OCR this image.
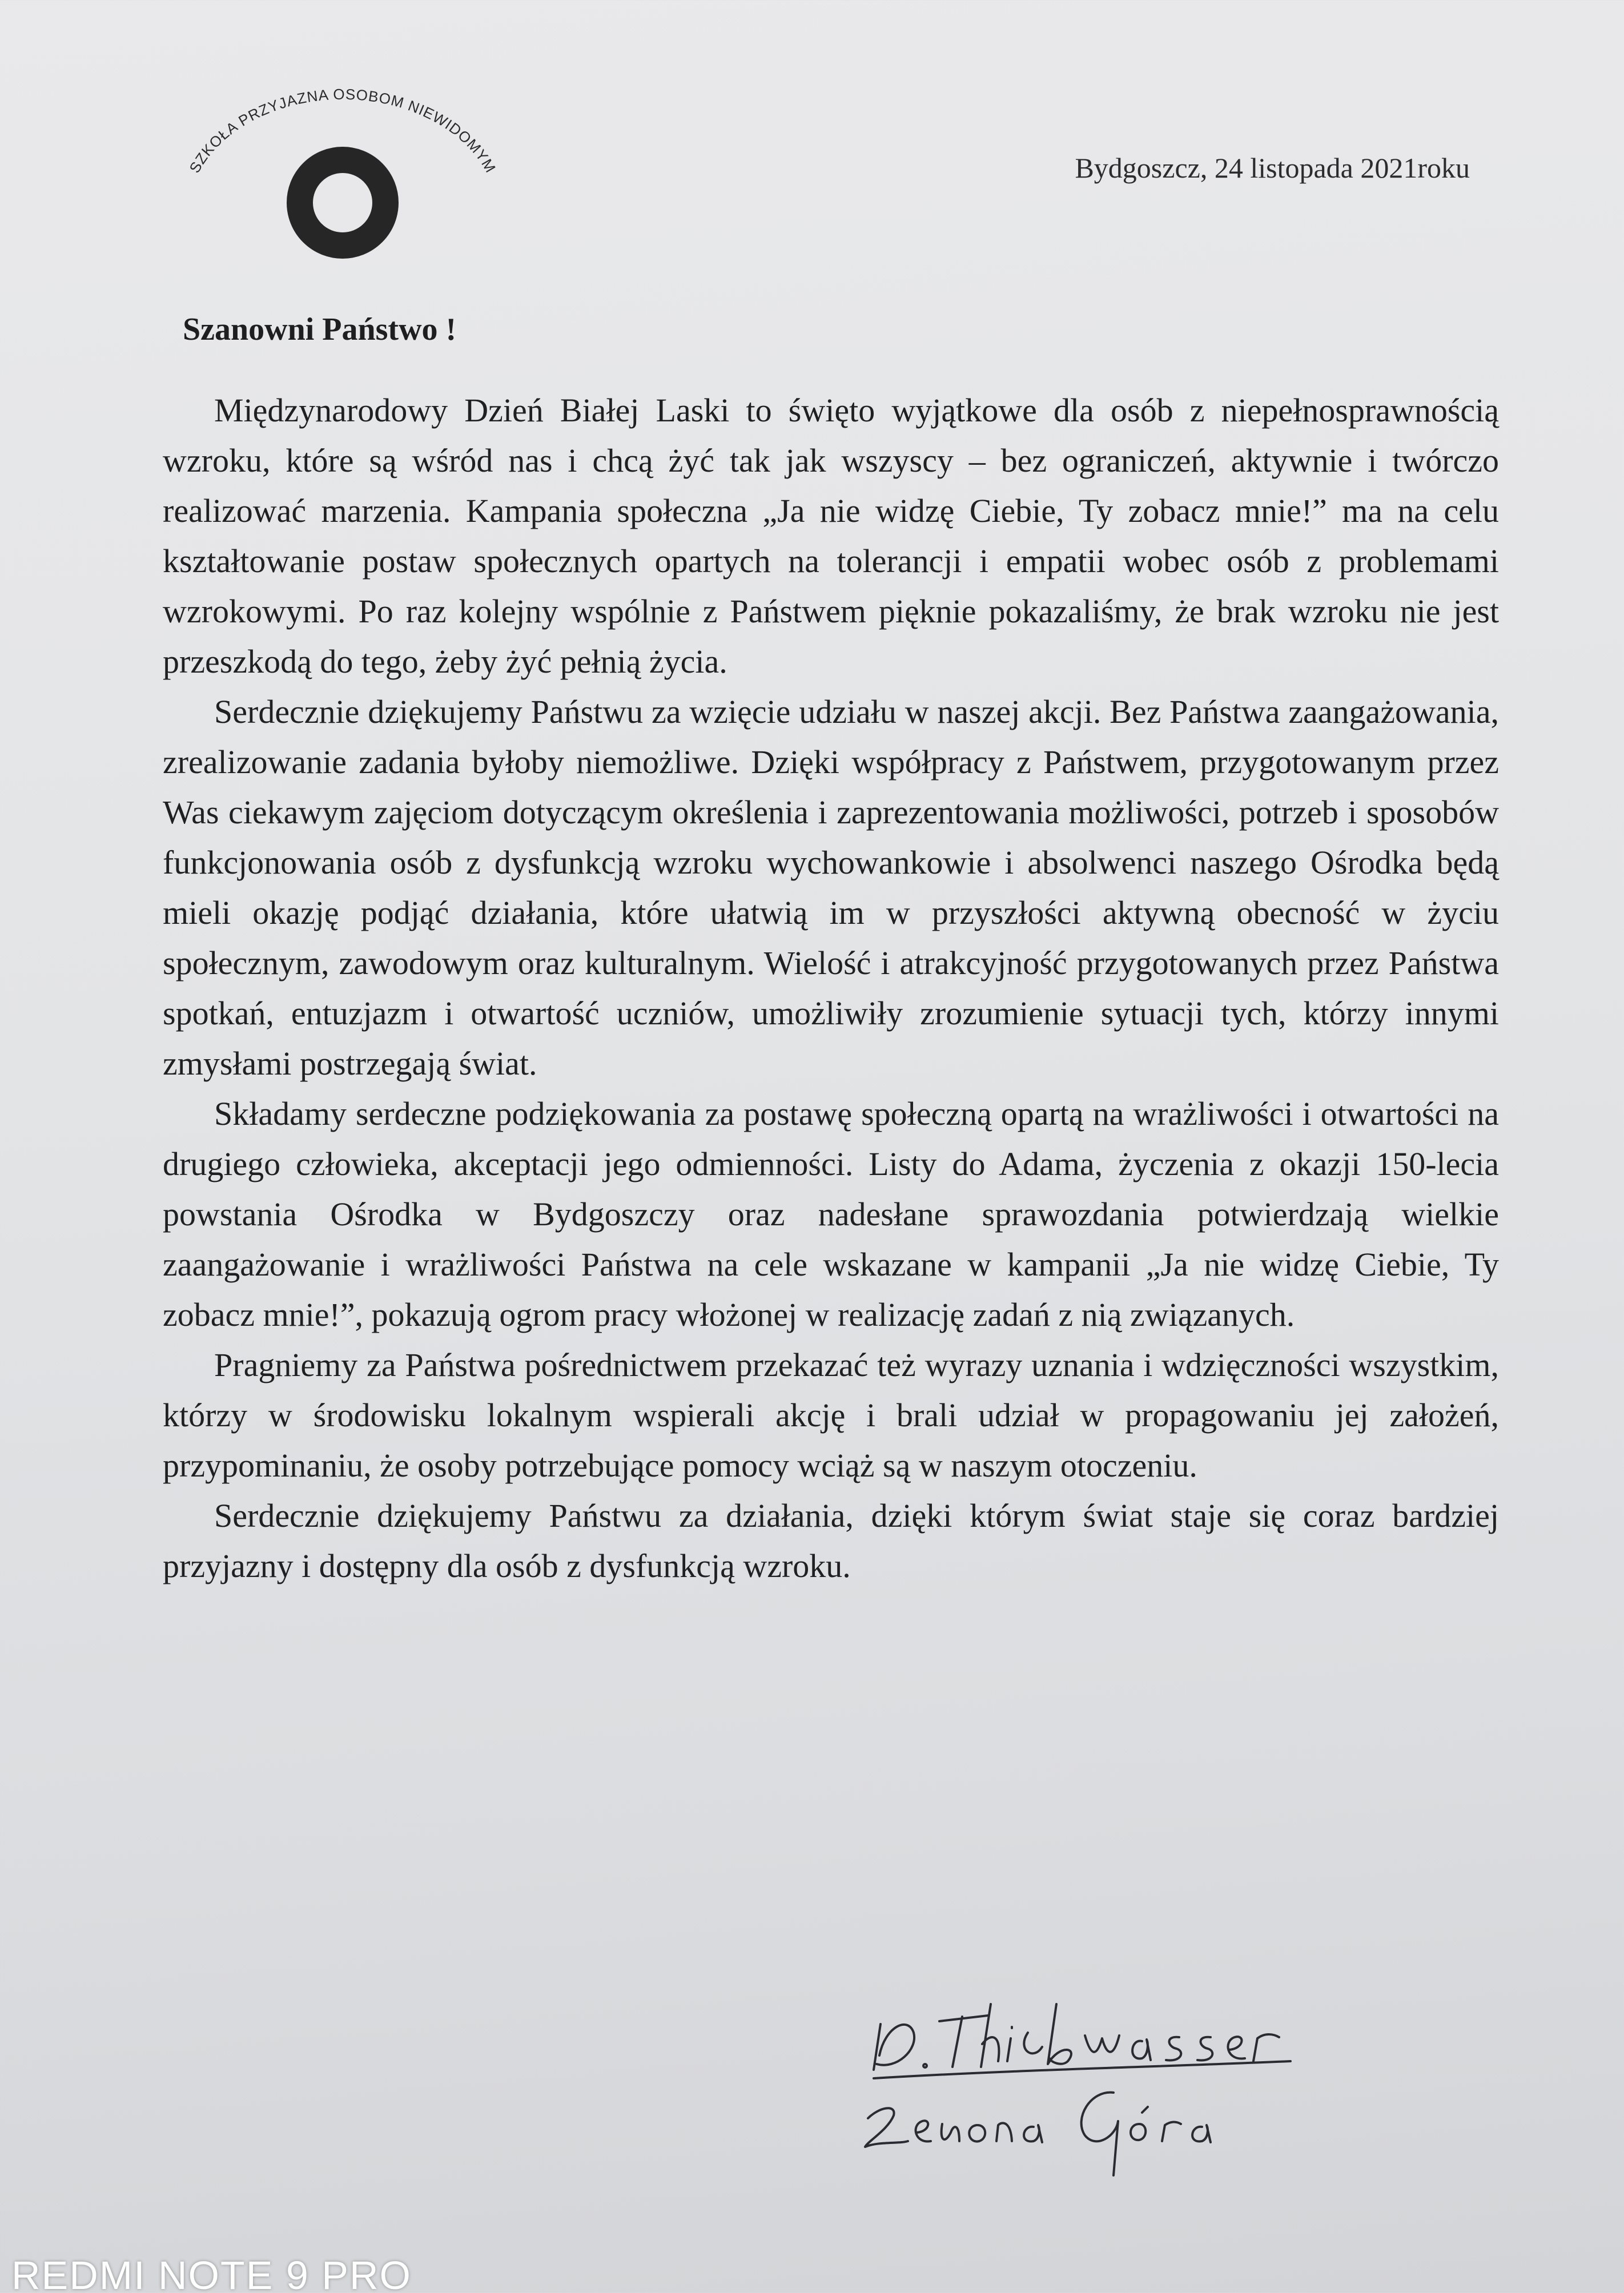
SZKOŁA PRZYJAZNA OSOBOM NIEWIDOMYM	Bydgoszcz, 24 listopada 2021roku
Szanowni Państwo !

Międzynarodowy Dzień Białej Laski to święto wyjątkowe dla osób z niepełnosprawnością wzroku, które są wśród nas i chcą żyć tak jak wszyscy – bez ograniczeń, aktywnie i twórczo realizować marzenia. Kampania społeczna „Ja nie widzę Ciebie, Ty zobacz mnie!” ma na celu kształtowanie postaw społecznych opartych na tolerancji i empatii wobec osób z problemami wzrokowymi. Po raz kolejny wspólnie z Państwem pięknie pokazaliśmy, że brak wzroku nie jest przeszkodą do tego, żeby żyć pełnią życia.

Serdecznie dziękujemy Państwu za wzięcie udziału w naszej akcji. Bez Państwa zaangażowania, zrealizowanie zadania byłoby niemożliwe. Dzięki współpracy z Państwem, przygotowanym przez Was ciekawym zajęciom dotyczącym określenia i zaprezentowania możliwości, potrzeb i sposobów funkcjonowania osób z dysfunkcją wzroku wychowankowie i absolwenci naszego Ośrodka będą mieli okazję podjąć działania, które ułatwią im w przyszłości aktywną obecność w życiu społecznym, zawodowym oraz kulturalnym. Wielość i atrakcyjność przygotowanych przez Państwa spotkań, entuzjazm i otwartość uczniów, umożliwiły zrozumienie sytuacji tych, którzy innymi zmysłami postrzegają świat.

Składamy serdeczne podziękowania za postawę społeczną opartą na wrażliwości i otwartości na drugiego człowieka, akceptacji jego odmienności. Listy do Adama, życzenia z okazji 150-lecia powstania Ośrodka w Bydgoszczy oraz nadesłane sprawozdania potwierdzają wielkie zaangażowanie i wrażliwości Państwa na cele wskazane w kampanii „Ja nie widzę Ciebie, Ty zobacz mnie!”, pokazują ogrom pracy włożonej w realizację zadań z nią związanych.

Pragniemy za Państwa pośrednictwem przekazać też wyrazy uznania i wdzięczności wszystkim, którzy w środowisku lokalnym wspierali akcję i brali udział w propagowaniu jej założeń, przypominaniu, że osoby potrzebujące pomocy wciąż są w naszym otoczeniu.

Serdecznie dziękujemy Państwu za działania, dzięki którym świat staje się coraz bardziej przyjazny i dostępny dla osób z dysfunkcją wzroku.

REDMI NOTE 9 PRO
